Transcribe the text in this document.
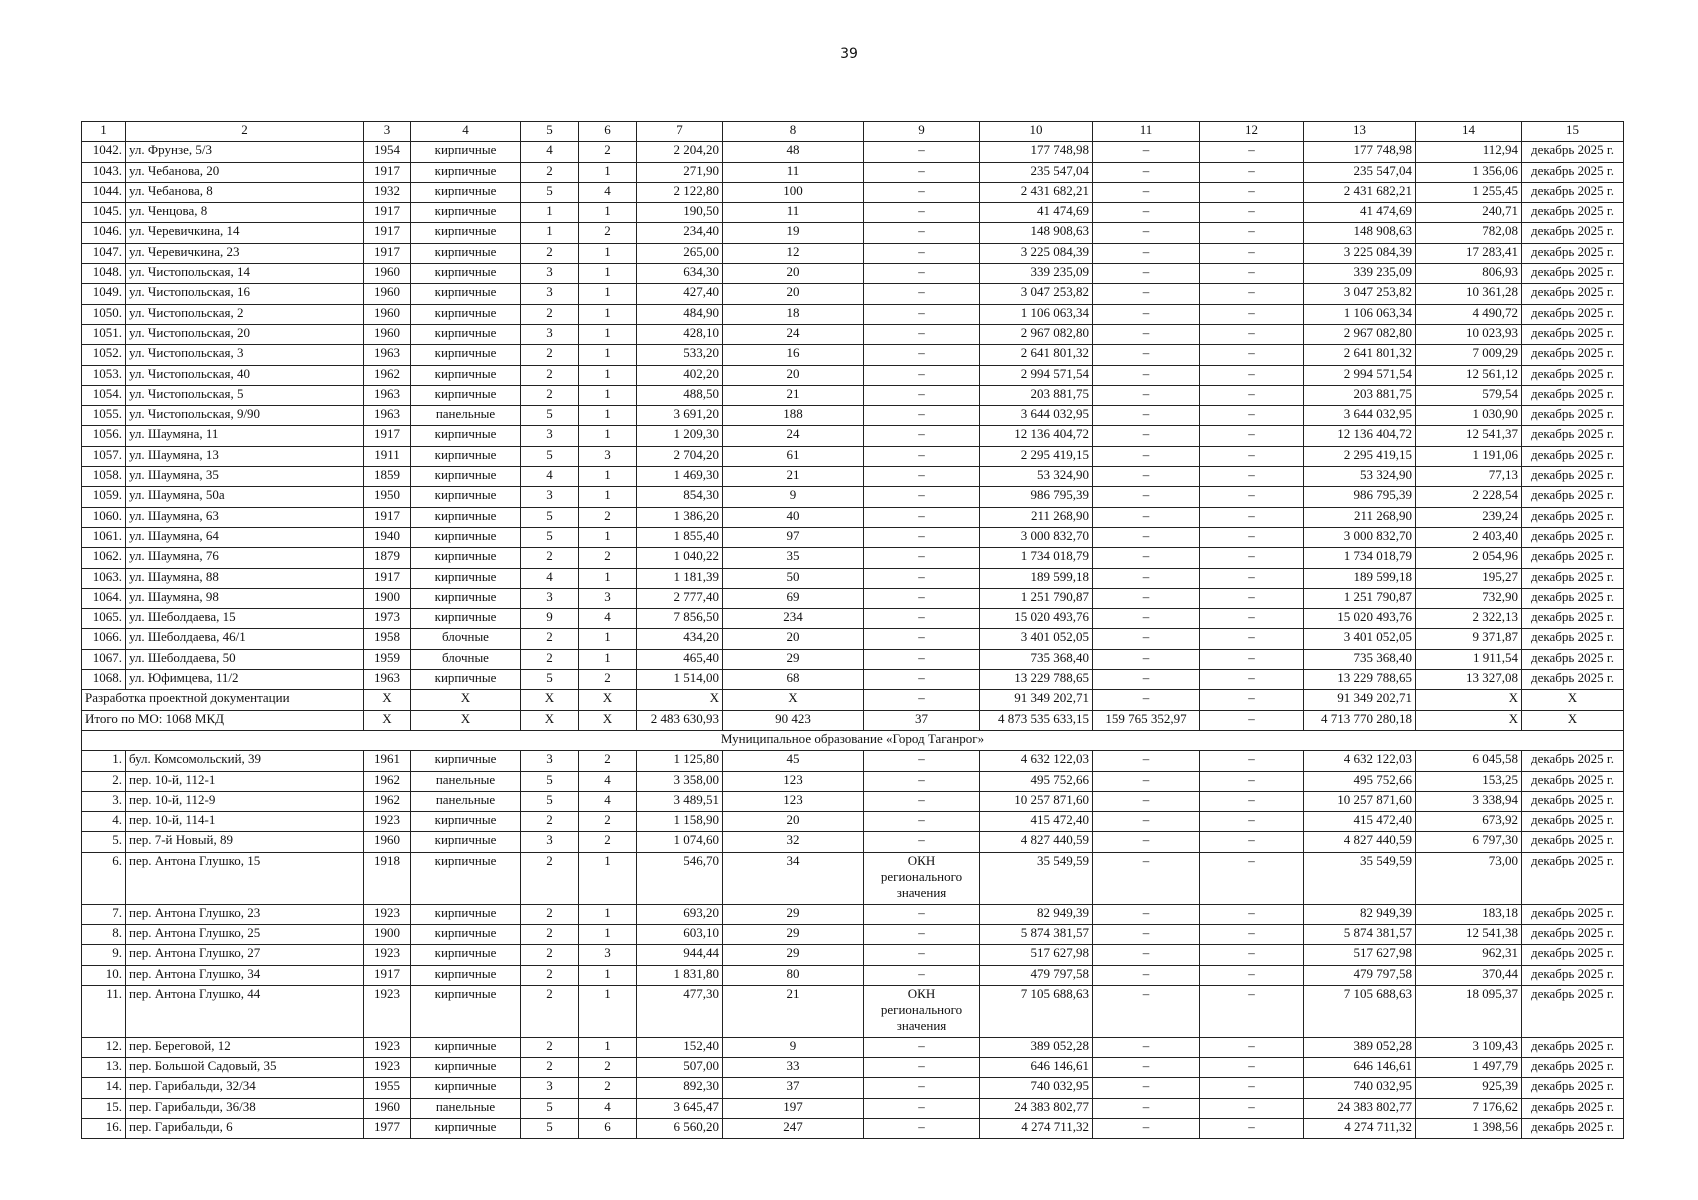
39
1	2	3	4	5	6	7	8	9	10	11	12	13	14	15
1042.	ул. Фрунзе, 5/3	1954	кирпичные	4	2	2 204,20	48	–	177 748,98	–	–	177 748,98	112,94	декабрь 2025 г.
1043.	ул. Чебанова, 20	1917	кирпичные	2	1	271,90	11	–	235 547,04	–	–	235 547,04	1 356,06	декабрь 2025 г.
1044.	ул. Чебанова, 8	1932	кирпичные	5	4	2 122,80	100	–	2 431 682,21	–	–	2 431 682,21	1 255,45	декабрь 2025 г.
1045.	ул. Ченцова, 8	1917	кирпичные	1	1	190,50	11	–	41 474,69	–	–	41 474,69	240,71	декабрь 2025 г.
1046.	ул. Черевичкина, 14	1917	кирпичные	1	2	234,40	19	–	148 908,63	–	–	148 908,63	782,08	декабрь 2025 г.
1047.	ул. Черевичкина, 23	1917	кирпичные	2	1	265,00	12	–	3 225 084,39	–	–	3 225 084,39	17 283,41	декабрь 2025 г.
1048.	ул. Чистопольская, 14	1960	кирпичные	3	1	634,30	20	–	339 235,09	–	–	339 235,09	806,93	декабрь 2025 г.
1049.	ул. Чистопольская, 16	1960	кирпичные	3	1	427,40	20	–	3 047 253,82	–	–	3 047 253,82	10 361,28	декабрь 2025 г.
1050.	ул. Чистопольская, 2	1960	кирпичные	2	1	484,90	18	–	1 106 063,34	–	–	1 106 063,34	4 490,72	декабрь 2025 г.
1051.	ул. Чистопольская, 20	1960	кирпичные	3	1	428,10	24	–	2 967 082,80	–	–	2 967 082,80	10 023,93	декабрь 2025 г.
1052.	ул. Чистопольская, 3	1963	кирпичные	2	1	533,20	16	–	2 641 801,32	–	–	2 641 801,32	7 009,29	декабрь 2025 г.
1053.	ул. Чистопольская, 40	1962	кирпичные	2	1	402,20	20	–	2 994 571,54	–	–	2 994 571,54	12 561,12	декабрь 2025 г.
1054.	ул. Чистопольская, 5	1963	кирпичные	2	1	488,50	21	–	203 881,75	–	–	203 881,75	579,54	декабрь 2025 г.
1055.	ул. Чистопольская, 9/90	1963	панельные	5	1	3 691,20	188	–	3 644 032,95	–	–	3 644 032,95	1 030,90	декабрь 2025 г.
1056.	ул. Шаумяна, 11	1917	кирпичные	3	1	1 209,30	24	–	12 136 404,72	–	–	12 136 404,72	12 541,37	декабрь 2025 г.
1057.	ул. Шаумяна, 13	1911	кирпичные	5	3	2 704,20	61	–	2 295 419,15	–	–	2 295 419,15	1 191,06	декабрь 2025 г.
1058.	ул. Шаумяна, 35	1859	кирпичные	4	1	1 469,30	21	–	53 324,90	–	–	53 324,90	77,13	декабрь 2025 г.
1059.	ул. Шаумяна, 50а	1950	кирпичные	3	1	854,30	9	–	986 795,39	–	–	986 795,39	2 228,54	декабрь 2025 г.
1060.	ул. Шаумяна, 63	1917	кирпичные	5	2	1 386,20	40	–	211 268,90	–	–	211 268,90	239,24	декабрь 2025 г.
1061.	ул. Шаумяна, 64	1940	кирпичные	5	1	1 855,40	97	–	3 000 832,70	–	–	3 000 832,70	2 403,40	декабрь 2025 г.
1062.	ул. Шаумяна, 76	1879	кирпичные	2	2	1 040,22	35	–	1 734 018,79	–	–	1 734 018,79	2 054,96	декабрь 2025 г.
1063.	ул. Шаумяна, 88	1917	кирпичные	4	1	1 181,39	50	–	189 599,18	–	–	189 599,18	195,27	декабрь 2025 г.
1064.	ул. Шаумяна, 98	1900	кирпичные	3	3	2 777,40	69	–	1 251 790,87	–	–	1 251 790,87	732,90	декабрь 2025 г.
1065.	ул. Шеболдаева, 15	1973	кирпичные	9	4	7 856,50	234	–	15 020 493,76	–	–	15 020 493,76	2 322,13	декабрь 2025 г.
1066.	ул. Шеболдаева, 46/1	1958	блочные	2	1	434,20	20	–	3 401 052,05	–	–	3 401 052,05	9 371,87	декабрь 2025 г.
1067.	ул. Шеболдаева, 50	1959	блочные	2	1	465,40	29	–	735 368,40	–	–	735 368,40	1 911,54	декабрь 2025 г.
1068.	ул. Юфимцева, 11/2	1963	кирпичные	5	2	1 514,00	68	–	13 229 788,65	–	–	13 229 788,65	13 327,08	декабрь 2025 г.
Разработка проектной документации		X	X	X	X	X	X	–	91 349 202,71	–	–	91 349 202,71	X	X
Итого по МО: 1068 МКД		X	X	X	X	2 483 630,93	90 423	37	4 873 535 633,15	159 765 352,97	–	4 713 770 280,18	X	X
Муниципальное образование «Город Таганрог»														
1.	бул. Комсомольский, 39	1961	кирпичные	3	2	1 125,80	45	–	4 632 122,03	–	–	4 632 122,03	6 045,58	декабрь 2025 г.
2.	пер. 10-й, 112-1	1962	панельные	5	4	3 358,00	123	–	495 752,66	–	–	495 752,66	153,25	декабрь 2025 г.
3.	пер. 10-й, 112-9	1962	панельные	5	4	3 489,51	123	–	10 257 871,60	–	–	10 257 871,60	3 338,94	декабрь 2025 г.
4.	пер. 10-й, 114-1	1923	кирпичные	2	2	1 158,90	20	–	415 472,40	–	–	415 472,40	673,92	декабрь 2025 г.
5.	пер. 7-й Новый, 89	1960	кирпичные	3	2	1 074,60	32	–	4 827 440,59	–	–	4 827 440,59	6 797,30	декабрь 2025 г.
6.	пер. Антона Глушко, 15	1918	кирпичные	2	1	546,70	34	ОКН регионального значения	35 549,59	–	–	35 549,59	73,00	декабрь 2025 г.
7.	пер. Антона Глушко, 23	1923	кирпичные	2	1	693,20	29	–	82 949,39	–	–	82 949,39	183,18	декабрь 2025 г.
8.	пер. Антона Глушко, 25	1900	кирпичные	2	1	603,10	29	–	5 874 381,57	–	–	5 874 381,57	12 541,38	декабрь 2025 г.
9.	пер. Антона Глушко, 27	1923	кирпичные	2	3	944,44	29	–	517 627,98	–	–	517 627,98	962,31	декабрь 2025 г.
10.	пер. Антона Глушко, 34	1917	кирпичные	2	1	1 831,80	80	–	479 797,58	–	–	479 797,58	370,44	декабрь 2025 г.
11.	пер. Антона Глушко, 44	1923	кирпичные	2	1	477,30	21	ОКН регионального значения	7 105 688,63	–	–	7 105 688,63	18 095,37	декабрь 2025 г.
12.	пер. Береговой, 12	1923	кирпичные	2	1	152,40	9	–	389 052,28	–	–	389 052,28	3 109,43	декабрь 2025 г.
13.	пер. Большой Садовый, 35	1923	кирпичные	2	2	507,00	33	–	646 146,61	–	–	646 146,61	1 497,79	декабрь 2025 г.
14.	пер. Гарибальди, 32/34	1955	кирпичные	3	2	892,30	37	–	740 032,95	–	–	740 032,95	925,39	декабрь 2025 г.
15.	пер. Гарибальди, 36/38	1960	панельные	5	4	3 645,47	197	–	24 383 802,77	–	–	24 383 802,77	7 176,62	декабрь 2025 г.
16.	пер. Гарибальди, 6	1977	кирпичные	5	6	6 560,20	247	–	4 274 711,32	–	–	4 274 711,32	1 398,56	декабрь 2025 г.
